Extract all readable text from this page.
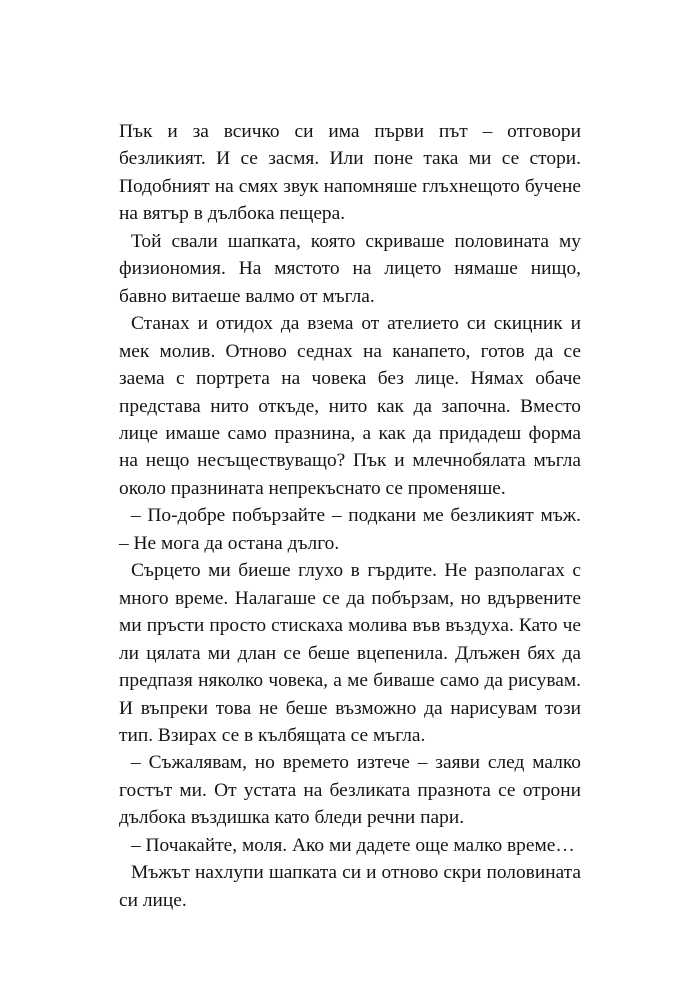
Пък и за всичко си има първи път – отговори безликият. И се засмя. Или поне така ми се стори. Подобният на смях звук напомняше глъхнещото бучене на вятър в дълбока пещера.

Той свали шапката, която скриваше половината му физиономия. На мястото на лицето нямаше нищо, бавно витаеше валмо от мъгла.

Станах и отидох да взема от ателието си скицник и мек молив. Отново седнах на канапето, готов да се заема с портрета на човека без лице. Нямах обаче представа нито откъде, нито как да започна. Вместо лице имаше само празнина, а как да придадеш форма на нещо несъществуващо? Пък и млечнобялата мъгла около празнината непрекъснато се променяше.

– По-добре побързайте – подкани ме безликият мъж. – Не мога да остана дълго.

Сърцето ми биеше глухо в гърдите. Не разполагах с много време. Налагаше се да побързам, но вдървените ми пръсти просто стискаха молива във въздуха. Като че ли цялата ми длан се беше вцепенила. Длъжен бях да предпазя няколко човека, а ме биваше само да рисувам. И въпреки това не беше възможно да нарисувам този тип. Взирах се в кълбящата се мъгла.

– Съжалявам, но времето изтече – заяви след малко гостът ми. От устата на безликата празнота се отрони дълбока въздишка като бледи речни пари.

– Почакайте, моля. Ако ми дадете още малко време…

Мъжът нахлупи шапката си и отново скри половината си лице.
